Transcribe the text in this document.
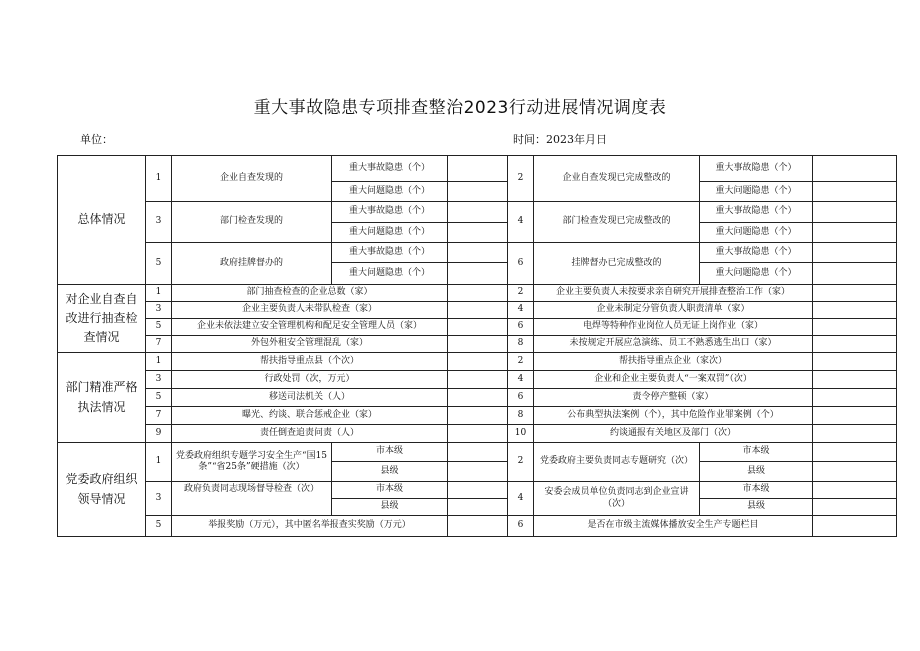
重大事故隐患专项排查整治2023行动进展情况调度表
单位：	时间：2023年月日
总体情况	1	企业自查发现的	重大事故隐患（个）		2	企业自查发现已完成整改的	重大事故隐患（个）	
			重大问题隐患（个）				重大问题隐患（个）	
	3	部门检查发现的	重大事故隐患（个）		4	部门检查发现已完成整改的	重大事故隐患（个）	
			重大问题隐患（个）				重大问题隐患（个）	
	5	政府挂牌督办的	重大事故隐患（个）		6	挂牌督办已完成整改的	重大事故隐患（个）	
			重大问题隐患（个）				重大问题隐患（个）	
对企业自查自改进行抽查检查情况	1	部门抽查检查的企业总数（家）			2	企业主要负责人未按要求亲自研究开展排查整治工作（家）		
	3	企业主要负责人未带队检查（家）			4	企业未制定分管负责人职责清单（家）		
	5	企业未依法建立安全管理机构和配足安全管理人员（家）			6	电焊等特种作业岗位人员无证上岗作业（家）		
	7	外包外租安全管理混乱（家）			8	未按规定开展应急演练、员工不熟悉逃生出口（家）		
部门精准严格执法情况	1	帮扶指导重点县（个次）			2	帮扶指导重点企业（家次）		
	3	行政处罚（次，万元）			4	企业和企业主要负责人“一案双罚”（次）		
	5	移送司法机关（人）			6	责令停产整顿（家）		
	7	曝光、约谈、联合惩戒企业（家）			8	公布典型执法案例（个），其中危险作业罪案例（个）		
	9	责任倒查追责问责（人）			10	约谈通报有关地区及部门（次）		
党委政府组织领导情况	1	党委政府组织专题学习安全生产“国15条”“省25条”硬措施（次）	市本级		2	党委政府主要负责同志专题研究（次）	市本级	
			县级				县级	
	3	政府负责同志现场督导检查（次）	市本级		4	安委会成员单位负责同志到企业宣讲（次）	市本级	
			县级				县级	
	5	举报奖励（万元），其中匿名举报查实奖励（万元）			6	是否在市级主流媒体播放安全生产专题栏目		
